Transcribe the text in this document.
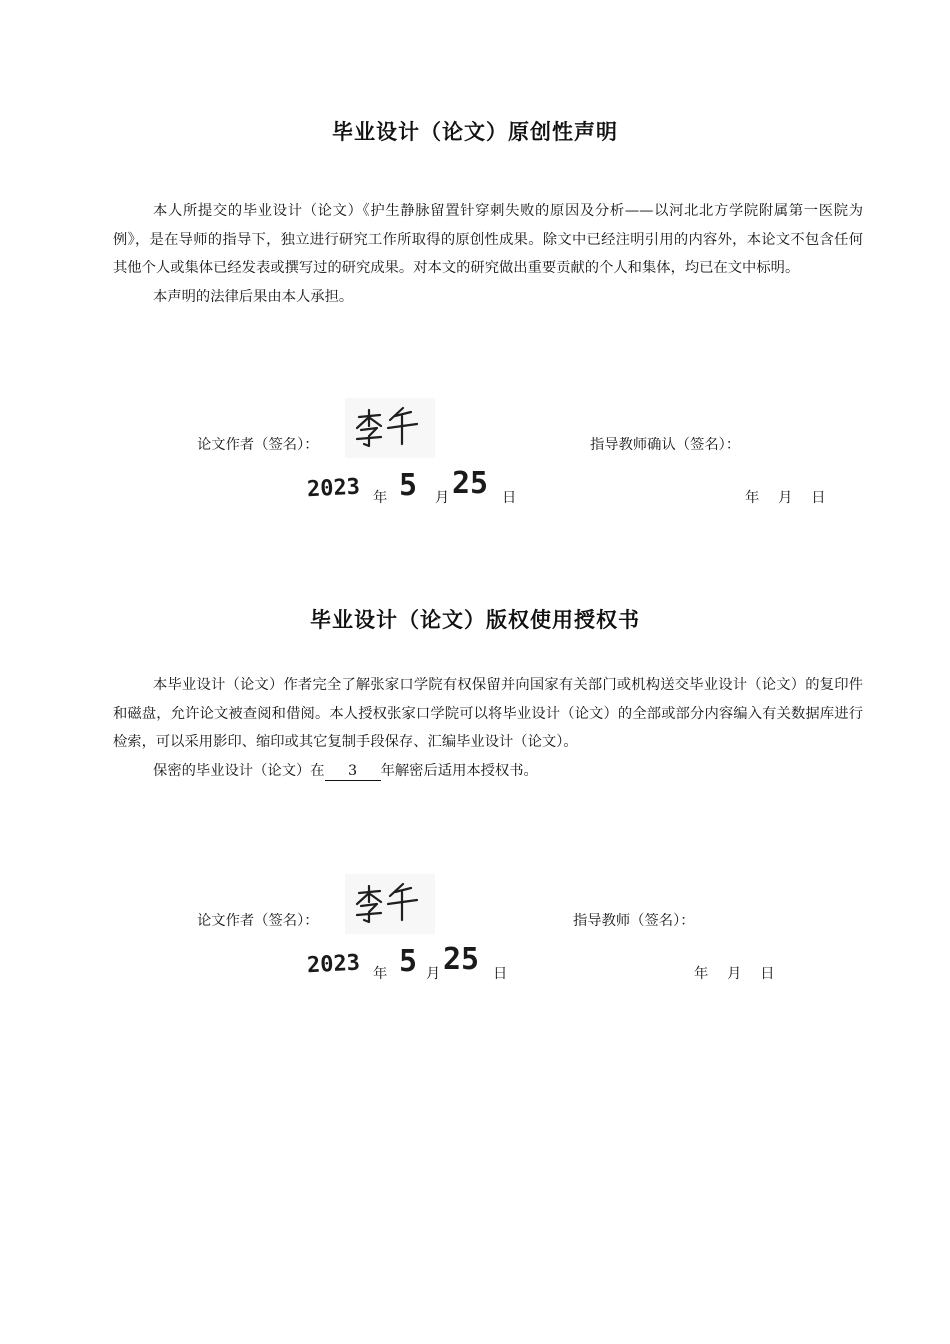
毕业设计（论文）原创性声明

本人所提交的毕业设计（论文）《护生静脉留置针穿刺失败的原因及分析——以河北北方学院附属第一医院为例》，是在导师的指导下，独立进行研究工作所取得的原创性成果。除文中已经注明引用的内容外，本论文不包含任何其他个人或集体已经发表或撰写过的研究成果。对本文的研究做出重要贡献的个人和集体，均已在文中标明。

本声明的法律后果由本人承担。

论文作者（签名）：
李千
指导教师确认（签名）：
2023 年 5 月 25 日	年　 月　 日
毕业设计（论文）版权使用授权书

本毕业设计（论文）作者完全了解张家口学院有权保留并向国家有关部门或机构送交毕业设计（论文）的复印件和磁盘，允许论文被查阅和借阅。本人授权张家口学院可以将毕业设计（论文）的全部或部分内容编入有关数据库进行检索，可以采用影印、缩印或其它复制手段保存、汇编毕业设计（论文）。

保密的毕业设计（论文）在 3 年解密后适用本授权书。

论文作者（签名）：
李千
指导教师（签名）：
2023 年 5 月 25 日	年　 月　 日
